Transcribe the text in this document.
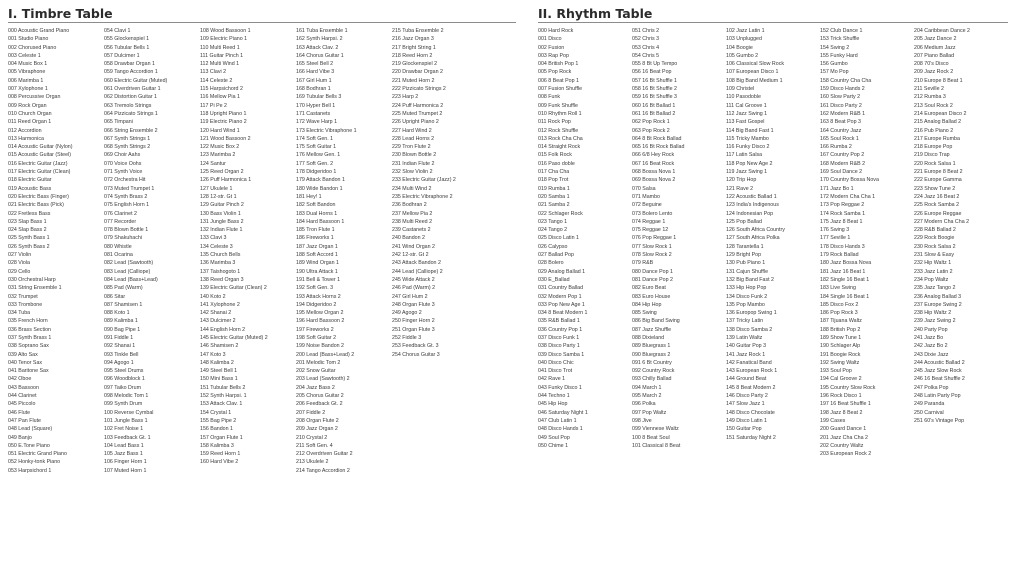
I. Timbre Table
000 Acoustic Grand Piano
001 Studio Piano
002 Chorused Piano
003 Celeste 1
004 Music Box 1
005 Vibraphone
006 Marimba 1
007 Xylophone 1
008 Percussive Organ
009 Rock Organ
010 Church Organ
011 Reed Organ 1
012 Accordion
013 Harmonica
014 Acoustic Guitar (Nylon)
015 Acoustic Guitar (Steel)
016 Electric Guitar (Jazz)
017 Electric Guitar (Clean)
018 Electric Guitar
019 Acoustic Bass
020 Electric Bass (Finger)
021 Electric Bass (Pick)
022 Fretless Bass
023 Slap Bass 1
024 Slap Bass 2
025 Synth Bass 1
026 Synth Bass 2
027 Violin
028 Viola
029 Cello
030 Orchestral Harp
031 String Ensemble 1
032 Trumpet
033 Trombone
034 Tuba
035 French Horn
036 Brass Section
037 Synth Brass 1
038 Soprano Sax
039 Alto Sax
040 Tenor Sax
041 Baritone Sax
042 Oboe
043 Bassoon
044 Clarinet
045 Piccolo
046 Flute
047 Pan Flute
048 Lead (Square)
049 Banjo
050 E.Tone Piano
051 Electric Grand Piano
052 Honky-tonk Piano
053 Harpsichord 1
054 Clavi 1
055 Glockenspiel 1
056 Tubular Bells 1
057 Dulcimer 1
058 Drawbar Organ 1
059 Tango Accordion 1
060 Electric Guitar (Muted)
061 Overdriven Guitar 1
062 Distortion Guitar 1
063 Tremolo Strings
064 Pizzicato Strings 1
065 Timpani
066 String Ensemble 2
067 Synth Strings 1
068 Synth Strings 2
069 Choir Aahs
070 Voice Oohs
071 Synth Voice
072 Orchestra Hit
073 Muted Trumpet 1
074 Synth Brass 2
075 English Horn 1
076 Clarinet 2
077 Recorder
078 Blown Bottle 1
079 Shakuhachi
080 Whistle
081 Ocarina
082 Lead (Sawtooth)
083 Lead (Calliope)
084 Lead (Bass+Lead)
085 Pad (Warm)
086 Sitar
087 Shamisen 1
088 Koto 1
089 Kalimba 1
090 Bag Pipe 1
091 Fiddle 1
092 Shanai 1
093 Tinkle Bell
094 Agogo 1
095 Steel Drums
096 Woodblock 1
097 Taiko Drum
098 Melodic Tom 1
099 Synth Drum
100 Reverse Cymbal
101 Jungle Bass 1
102 Fret Noise 1
103 Feedback Gt. 1
104 Lead Bass 1
105 Jazz Bass 1
106 Finger Horn 1
107 Muted Horn 1
108 Wood Bassoon 1
109 Electric Piano 1
110 Multi Reed 1
111 Guitar Pinch 1
112 Multi Wind 1
113 Clavi 2
114 Celeste 2
115 Harpsichord 2
116 Mellow Pia 1
117 Pi Pe 2
118 Upright Piano 1
119 Electric Piano 2
120 Hard Wind 1
121 Wood Bassoon 2
122 Music Box 2
123 Marimba 2
124 Santur
125 Reed Organ 2
126 Puff Harmonica 1
127 Ukulele 1
128 12-str. Gt 1
129 Guitar Pinch 2
130 Bass Violin 1
131 Jungle Bass 2
132 Indian Flute 1
133 Clavi 3
134 Celeste 3
135 Church Bells
136 Marimba 3
137 Taishogoto 1
138 Reed Organ 3
139 Electric Guitar (Clean) 2
140 Koto 2
141 Xylophone 2
142 Shanai 2
143 Dulcimer 2
144 English Horn 2
145 Electric Guitar (Muted) 2
146 Shamisen 2
147 Koto 3
148 Kalimba 2
149 Steel Bell 1
150 Mini Bass 1
151 Tubular Bells 2
152 Synth Harpsi. 1
153 Attack Clav. 1
154 Crystal 1
155 Bag Pipe 2
156 Bandon 1
157 Organ Flute 1
158 Kalimba 3
159 Reed Horn 1
160 Hard Vibe 2
161 Tuba Ensemble 1
162 Synth Harpsi. 2
163 Attack Clav. 2
164 Chorus Guitar 1
165 Steel Bell 2
166 Hard Vibe 3
167 Girl Hum 1
168 Bodhran 1
169 Tubular Bells 3
170 Hyper Bell 1
171 Castanets
172 Wave Harp 1
173 Electric Vibraphone 1
174 Soft Gen. 1
175 Soft Guitar 1
176 Mellow Gen. 1
177 Soft Gen. 2
178 Didgeridoo 1
179 Attack Bandon 1
180 Wide Bandon 1
181 Hey! 1
182 Soft Bandon
183 Dual Horns 1
184 Hard Bassoon 1
185 Tron Flute 1
186 Fireworks 1
187 Jazz Organ 1
188 Soft Accord 1
189 Wind Organ 1
190 Ultra Attack 1
191 Bell & Tower 1
192 Soft Gen. 3
193 Attack Horns 2
194 Didgeridoo 2
195 Mellow Organ 2
196 Hard Bassoon 2
197 Fireworks 2
198 Soft Guitar 2
199 Noise Bandon 2
200 Lead (Bass+Lead) 2
201 Melodic Tom 2
202 Snow Guitar
203 Lead (Sawtooth) 2
204 Jazz Bass 2
205 Chorus Guitar 2
206 Feedback Gt. 2
207 Fiddle 2
208 Organ Flute 2
209 Jazz Organ 2
210 Crystal 2
211 Soft Gen. 4
212 Overdriven Guitar 2
213 Ukulele 2
214 Tango Accordion 2
215 Tuba Ensemble 2
216 Jazz Organ 3
217 Bright String 1
218 Reed Horn 2
219 Glockenspiel 2
220 Drawbar Organ 2
221 Muted Horn 2
222 Pizzicato Strings 2
223 Harp 2
224 Puff Harmonica 2
225 Muted Trumpet 2
226 Upright Piano 2
227 Hard Wind 2
228 Lead Horns 2
229 Tron Flute 2
230 Blown Bottle 2
231 Indian Flute 2
232 Slow Violin 2
233 Electric Guitar (Jazz) 2
234 Multi Wind 2
235 Electric Vibraphone 2
236 Bodhran 2
237 Mellow Pia 2
238 Multi Reed 2
239 Castanets 2
240 Bandon 2
241 Wind Organ 2
242 12-str. Gt 2
243 Attack Bandon 2
244 Lead (Calliope) 2
245 Wide Attack 2
246 Pad (Warm) 2
247 Girl Hum 2
248 Organ Flute 3
249 Agogo 2
250 Finger Horn 2
251 Organ Flute 3
252 Fiddle 3
253 Feedback Gt. 3
254 Chorus Guitar 3
II. Rhythm Table
000 Hard Rock
001 Disco
002 Fusion
003 Rap Pop
004 British Pop 1
005 Pop Rock
006 8 Beat Pop 1
007 Fusion Shuffle
008 Funk
009 Funk Shuffle
010 Rhythm Roll 1
011 Rock Pop
012 Rock Shuffle
013 Rock Cha Cha
014 Straight Rock
015 Folk Rock
016 Paso doble
017 Cha Cha
018 Pop Trot
019 Rumba 1
020 Samba 1
021 Samba 2
022 Schlager Rock
023 Tango 1
024 Tango 2
025 Disco Latin 1
026 Calypso
027 Ballad Pop
028 Bolero
029 Analog Ballad 1
030 E_Ballad
031 Country Ballad
032 Modern Pop 1
033 Pop New Age 1
034 8 Beat Modern 1
035 R&B Ballad 1
036 Country Pop 1
037 Disco Funk 1
038 Disco Party 1
039 Disco Samba 1
040 Disco Chic
041 Disco Trot
042 Rave 1
043 Funky Disco 1
044 Techno 1
045 Hip Hop
046 Saturday Night 1
047 Club Latin 1
048 Disco Hands 1
049 Soul Pop
050 Chime 1
051 Chris 2
052 Chris 3
053 Chris 4
054 Chris 5
055 8 Bt Up Tempo
056 16 Beat Pop
057 16 Bt Shuffle 1
058 16 Bt Shuffle 2
059 16 Bt Shuffle 3
060 16 Bt Ballad 1
061 16 Bt Ballad 2
062 Pop Rock 1
063 Pop Rock 2
064 8 Bt Rock Ballad
065 16 Bt Rock Ballad
066 6/8 Hey Rock
067 16 Beat Rock
068 Bossa Nova 1
069 Bossa Nova 2
070 Salsa
071 Mambo
072 Beguine
073 Bolero Lento
074 Reggae 1
075 Reggae 12
076 Pop Reggae 1
077 Slow Rock 1
078 Slow Rock 2
079 R&B
080 Dance Pop 1
081 Dance Pop 2
082 Euro Beat
083 Euro House
084 Hip Hop
085 Swing
086 Big Band Swing
087 Jazz Shuffle
088 Dixieland
089 Bluegrass 1
090 Bluegrass 2
091 6 Bt Country
092 Country Rock
093 Chilly Ballad
094 March 1
095 March 2
096 Polka
097 Pop Waltz
098 Jive
099 Viennese Waltz
100 8 Beat Soul
101 Classical 8 Beat
102 Jazz Latin 1
103 Unplugged
104 Boogie
105 Gumbo 2
106 Classical Slow Rock
107 European Disco 1
108 Big Band Medium 1
109 Christel
110 Pasodoble
111 Cal Groove 1
112 Jazz Swing 1
113 Fast Gospel
114 Big Band Fast 1
115 Tricky Mambo
116 Funky Disco 2
117 Latin Salsa
118 Pop New Age 2
119 Jazz Swing 1
120 Trip Hop
121 Rave 2
122 Acoustic Ballad 1
123 India's Indigenous
124 Indonesian Pop
125 Pop Ballad
126 South Africa Country
127 South Africa Polka
128 Tarantella 1
129 Bright Pop
130 Pub Piano 1
131 Cajun Shuffle
132 Big Band Fast 2
133 Hip Hop Pop
134 Disco Funk 2
135 Pop Mambo
136 Europop Swing 1
137 Tricky Latin
138 Disco Samba 2
139 Latin Waltz
140 Guitar Pop 3
141 Jazz Rock 1
142 Fanatical Band
143 European Rock 1
144 Ground Beat
145 8 Beat Modern 2
146 Disco Party 2
147 Slow Jazz 1
148 Disco Chocolate
149 Disco Latin 1
150 Guitar Pop
151 Saturday Night 2
152 Club Dance 1
153 Trick Shuffle
154 Swing 2
155 Funky Hard
156 Gumbo
157 Mo Pop
158 Country Cha Cha
159 Disco Hands 2
160 Slow Party 2
161 Disco Party 2
162 Modern R&B 1
163 8 Beat Pop 3
164 Country Jazz
165 Soul Rock 1
166 Rumba 2
167 Country Pop 2
168 Modern R&B 2
169 Soul Dance 2
170 Country Bossa Nova
171 Jazz Bo 1
172 Modern Cha Cha 1
173 Pop Reggae 2
174 Rock Samba 1
175 Jazz 8 Beat 1
176 Swing 3
177 Seville 1
178 Disco Hands 3
179 Rock Ballad
180 Jazz Bossa Nova
181 Jazz 16 Beat 1
182 Single 16 Beat 1
183 Live Swing
184 Single 16 Beat 1
185 Disco Fox 2
186 Pop Rock 3
187 Tijuana Waltz
188 British Pop 2
189 Show Tune 1
190 Schlager Alp
191 Boogie Rock
192 Swing Waltz
193 Soul Pop
194 Cal Groove 2
195 Country Slow Rock
196 Rock Disco 1
197 16 Beat Shuffle 1
198 Jazz 8 Beat 2
199 Cases
200 Guard Dance 1
201 Jazz Cha Cha 2
202 Country Waltz
203 European Rock 2
204 Caribbean Dance 2
205 Jazz Dance 2
206 Medium Jazz
207 Piano Ballad
208 70's Disco
209 Jazz Rock 2
210 Europe 8 Beat 1
211 Seville 2
212 Rumba 3
213 Soul Rock 2
214 European Disco 2
215 Analog Ballad 2
216 Pub Piano 2
217 Europe Rumba
218 Europe Pop
219 Disco Trap
220 Rock Salsa 1
221 Europe 8 Beat 2
222 Europe Gamma
223 Show Tune 2
224 Jazz 16 Beat 2
225 Rock Samba 2
226 Europe Reggae
227 Modern Cha Cha 2
228 R&B Ballad 2
229 Rock Boogie
230 Rock Salsa 2
231 Slow & Easy
232 Hip Waltz 1
233 Jazz Latin 2
234 Pop Waltz
235 Jazz Tango 2
236 Analog Ballad 3
237 Europe Swing 2
238 Hip Waltz 2
239 Jazz Swing 2
240 Party Pop
241 Jazz Bo
242 Jazz Bo 2
243 Dixie Jazz
244 Acoustic Ballad 2
245 Jazz Slow Rock
246 16 Beat Shuffle 2
247 Polka Pop
248 Latin Party Pop
249 Paranda
250 Carnival
251 60's Vintage Pop
